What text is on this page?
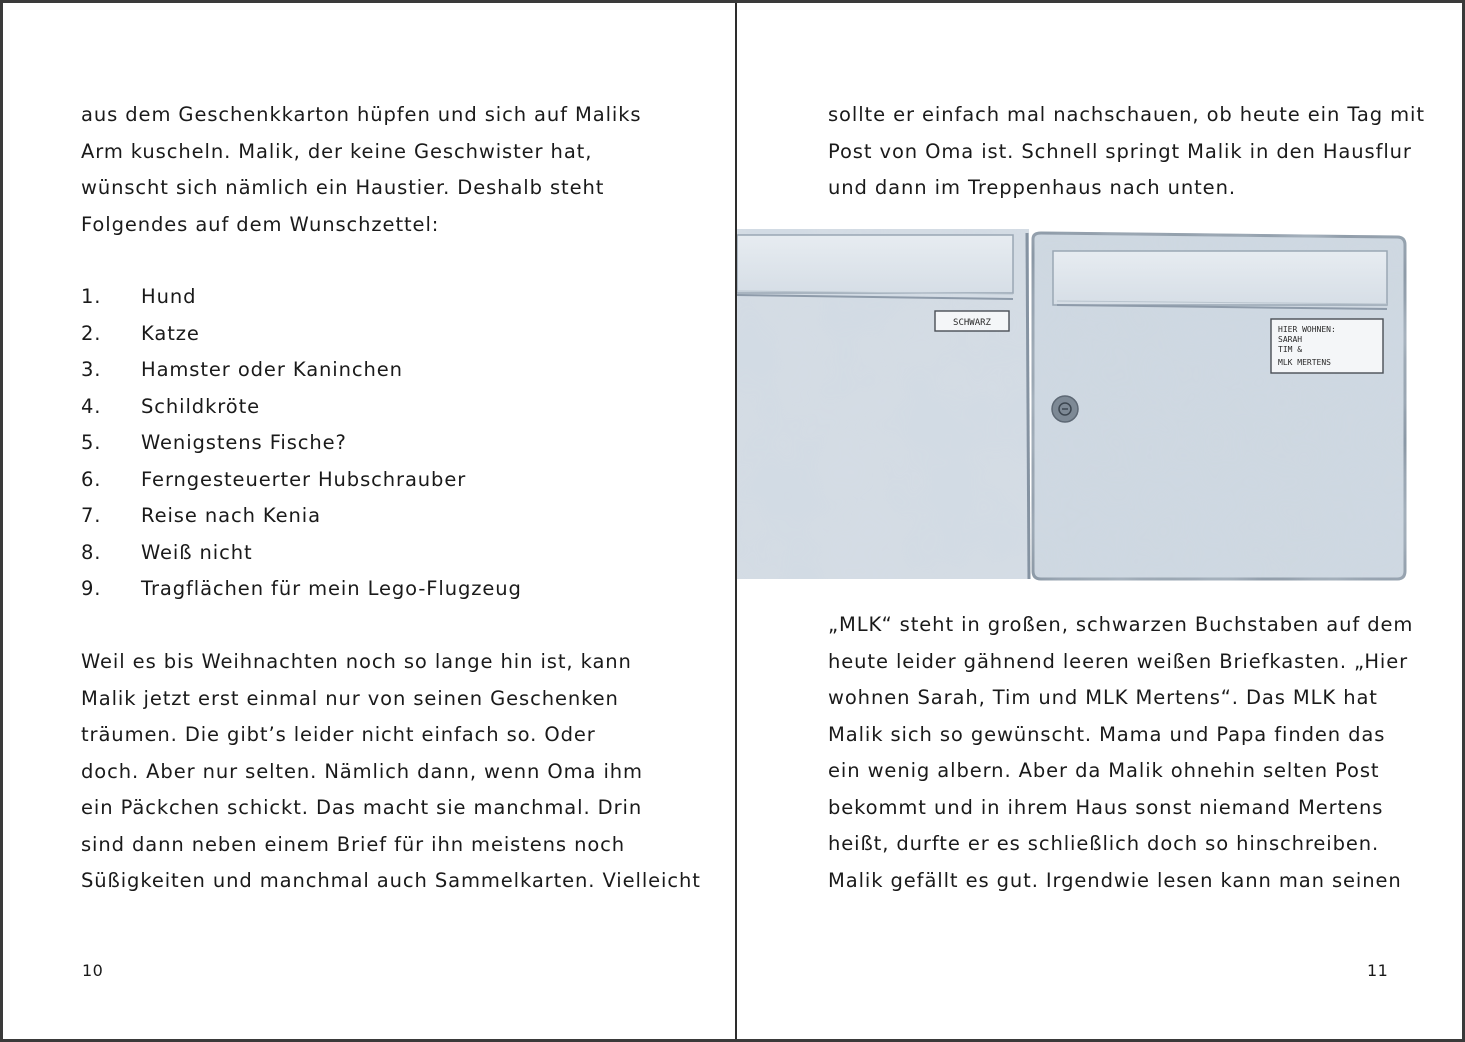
aus dem Geschenkkarton hüpfen und sich auf Maliks
Arm kuscheln. Malik, der keine Geschwister hat,
wünscht sich nämlich ein Haustier. Deshalb steht
Folgendes auf dem Wunschzettel:

1. Hund
2. Katze
3. Hamster oder Kaninchen
4. Schildkröte
5. Wenigstens Fische?
6. Ferngesteuerter Hubschrauber
7. Reise nach Kenia
8. Weiß nicht
9. Tragflächen für mein Lego-Flugzeug

Weil es bis Weihnachten noch so lange hin ist, kann
Malik jetzt erst einmal nur von seinen Geschenken
träumen. Die gibt’s leider nicht einfach so. Oder
doch. Aber nur selten. Nämlich dann, wenn Oma ihm
ein Päckchen schickt. Das macht sie manchmal. Drin
sind dann neben einem Brief für ihn meistens noch
Süßigkeiten und manchmal auch Sammelkarten. Vielleicht

10

sollte er einfach mal nachschauen, ob heute ein Tag mit
Post von Oma ist. Schnell springt Malik in den Hausflur
und dann im Treppenhaus nach unten.

SCHWARZ
HIER WOHNEN:
SARAH
TIM &
MLK MERTENS

„MLK“ steht in großen, schwarzen Buchstaben auf dem
heute leider gähnend leeren weißen Briefkasten. „Hier
wohnen Sarah, Tim und MLK Mertens“. Das MLK hat
Malik sich so gewünscht. Mama und Papa finden das
ein wenig albern. Aber da Malik ohnehin selten Post
bekommt und in ihrem Haus sonst niemand Mertens
heißt, durfte er es schließlich doch so hinschreiben.
Malik gefällt es gut. Irgendwie lesen kann man seinen

11
